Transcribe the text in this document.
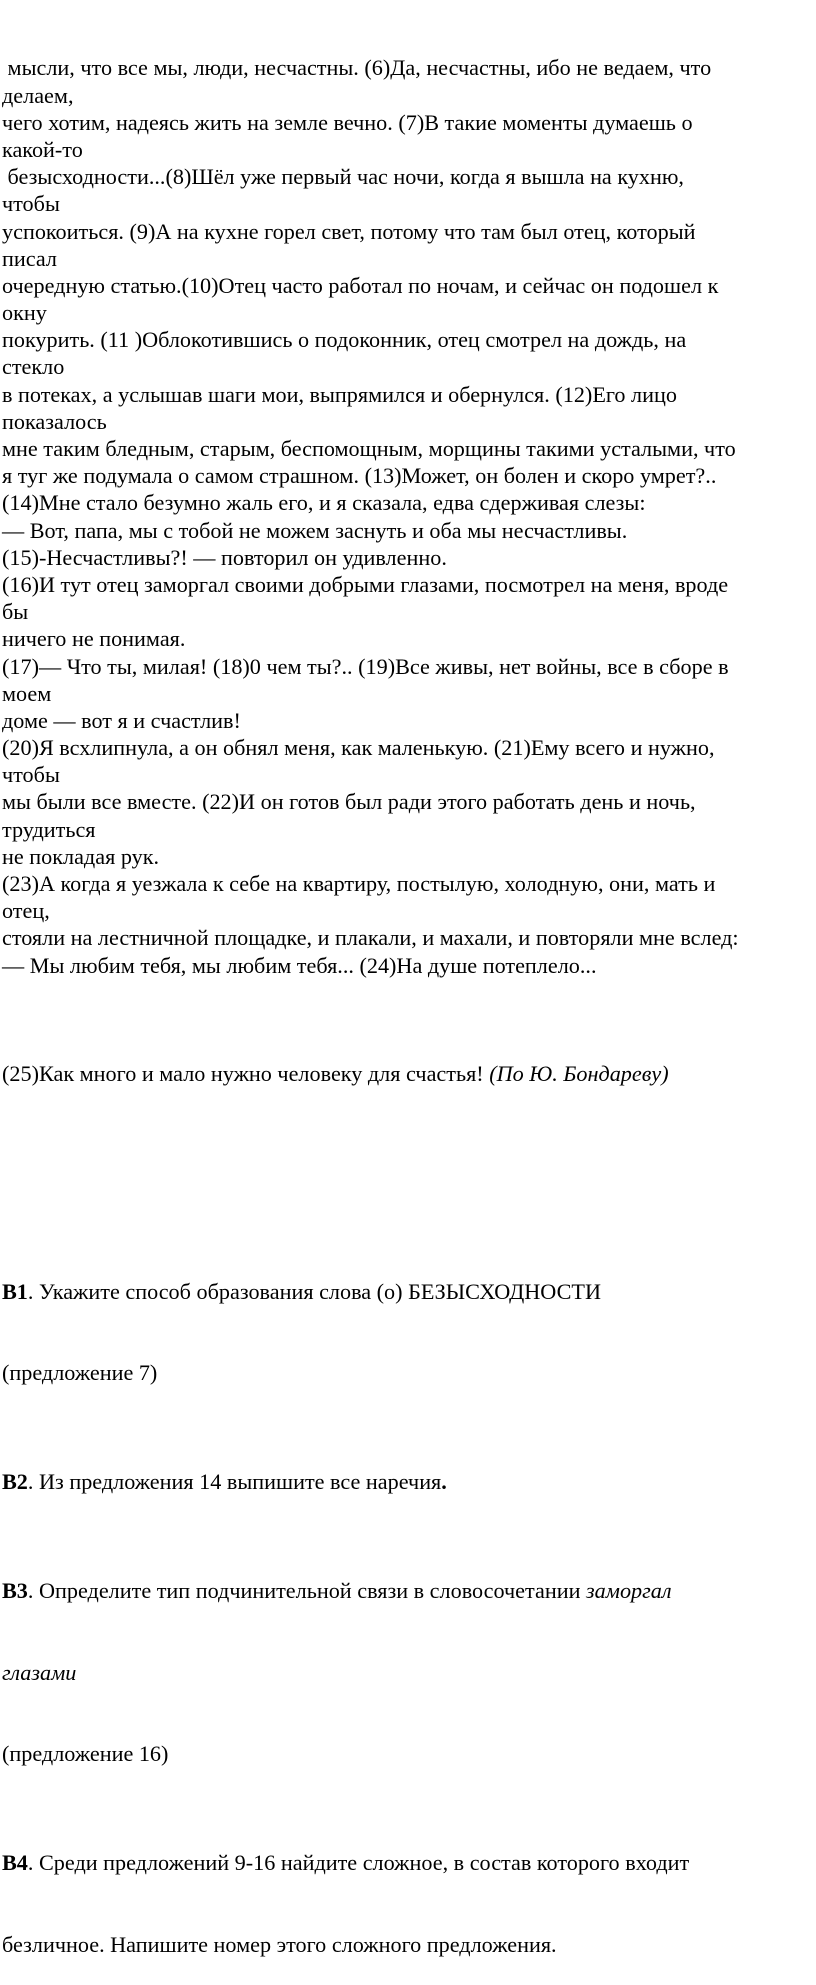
мысли, что все мы, люди, несчастны. (6)Да, несчастны, ибо не ведаем, что
делаем,
чего хотим, надеясь жить на земле вечно. (7)В такие моменты думаешь о
какой-то
безысходности...(8)Шёл уже первый час ночи, когда я вышла на кухню,
чтобы
успокоиться. (9)А на кухне горел свет, потому что там был отец, который
писал
очередную статью.(10)Отец часто работал по ночам, и сейчас он подошел к
окну
покурить. (11 )Облокотившись о подоконник, отец смотрел на дождь, на
стекло
в потеках, а услышав шаги мои, выпрямился и обернулся. (12)Его лицо
показалось
мне таким бледным, старым, беспомощным, морщины такими усталыми, что
я туг же подумала о самом страшном. (13)Может, он болен и скоро умрет?..
(14)Мне стало безумно жаль его, и я сказала, едва сдерживая слезы:
— Вот, папа, мы с тобой не можем заснуть и оба мы несчастливы.
(15)-Несчастливы?! — повторил он удивленно.
(16)И тут отец заморгал своими добрыми глазами, посмотрел на меня, вроде
бы
ничего не понимая.
(17)— Что ты, милая! (18)0 чем ты?.. (19)Все живы, нет войны, все в сборе в
моем
доме — вот я и счастлив!
(20)Я всхлипнула, а он обнял меня, как маленькую. (21)Ему всего и нужно,
чтобы
мы были все вместе. (22)И он готов был ради этого работать день и ночь,
трудиться
не покладая рук.
(23)А когда я уезжала к себе на квартиру, постылую, холодную, они, мать и
отец,
стояли на лестничной площадке, и плакали, и махали, и повторяли мне вслед:
— Мы любим тебя, мы любим тебя... (24)На душе потеплело...

(25)Как много и мало нужно человеку для счастья! (По Ю. Бондареву)

В1. Укажите способ образования слова (о) БЕЗЫСХОДНОСТИ

(предложение 7)

В2. Из предложения 14 выпишите все наречия.

В3. Определите тип подчинительной связи в словосочетании заморгал

глазами

(предложение 16)

В4. Среди предложений 9-16 найдите сложное, в состав которого входит

безличное. Напишите номер этого сложного предложения.
